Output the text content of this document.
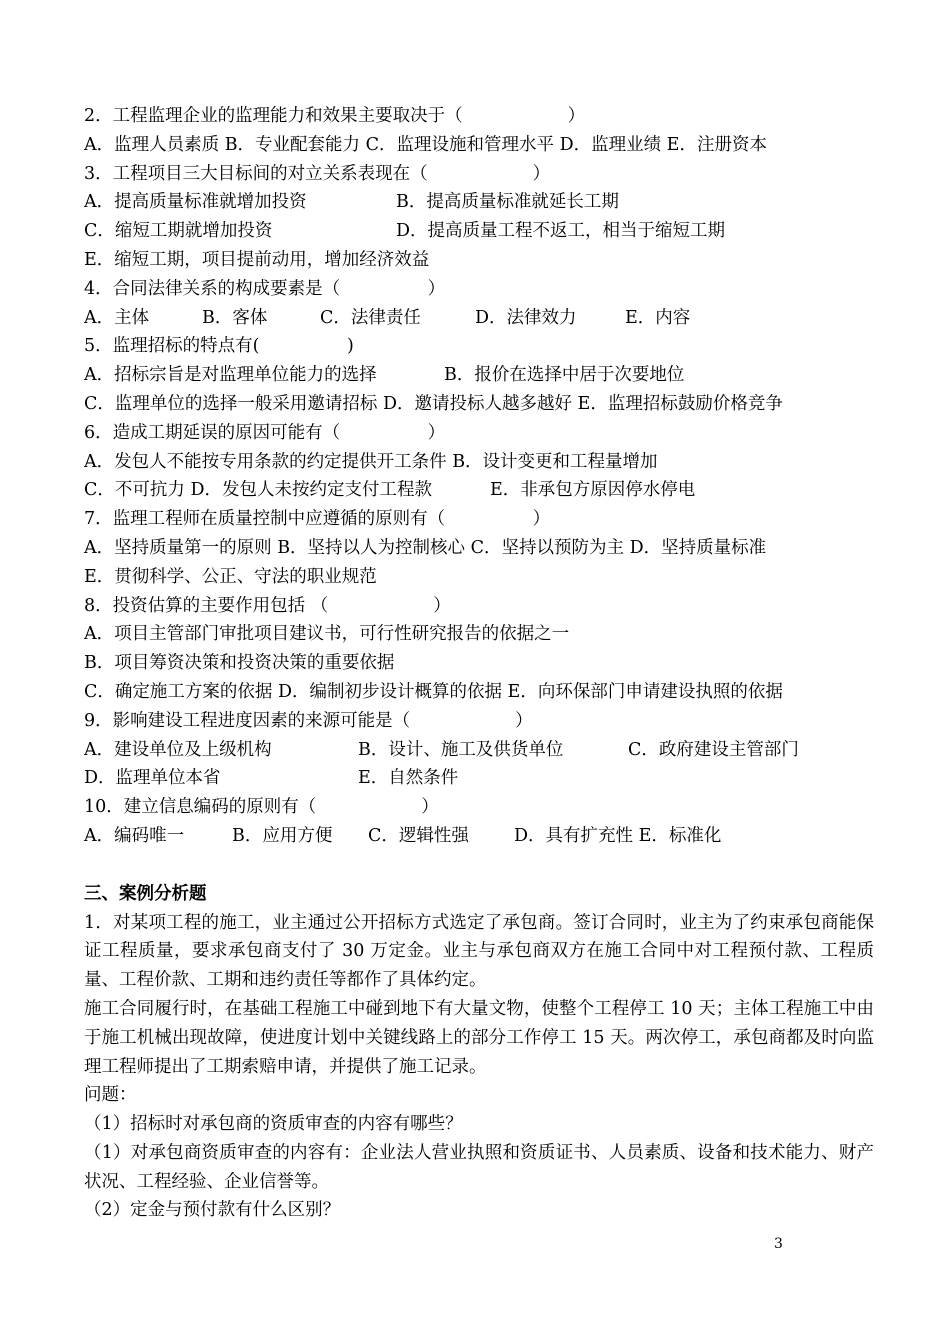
2．工程监理企业的监理能力和效果主要取决于（　　　　　　）
A．监理人员素质 B．专业配套能力 C．监理设施和管理水平 D．监理业绩 E．注册资本
3．工程项目三大目标间的对立关系表现在（　　　　　　）
A．提高质量标准就增加投资	B．提高质量标准就延长工期
C．缩短工期就增加投资	D．提高质量工程不返工，相当于缩短工期
E．缩短工期，项目提前动用，增加经济效益
4．合同法律关系的构成要素是（　　　　　）
A．主体	B．客体	C．法律责任	D．法律效力	E．内容
5．监理招标的特点有(　　　　　)
A．招标宗旨是对监理单位能力的选择	B．报价在选择中居于次要地位
C．监理单位的选择一般采用邀请招标 D．邀请投标人越多越好 E．监理招标鼓励价格竞争
6．造成工期延误的原因可能有（　　　　　）
A．发包人不能按专用条款的约定提供开工条件 B．设计变更和工程量增加
C．不可抗力 D．发包人未按约定支付工程款	E．非承包方原因停水停电
7．监理工程师在质量控制中应遵循的原则有（　　　　　）
A．坚持质量第一的原则 B．坚持以人为控制核心 C．坚持以预防为主 D．坚持质量标准
E．贯彻科学、公正、守法的职业规范
8．投资估算的主要作用包括 （　　　　　　）
A．项目主管部门审批项目建议书，可行性研究报告的依据之一
B．项目筹资决策和投资决策的重要依据
C．确定施工方案的依据 D．编制初步设计概算的依据 E．向环保部门申请建设执照的依据
9．影响建设工程进度因素的来源可能是（　　　　　　）
A．建设单位及上级机构	B．设计、施工及供货单位	C．政府建设主管部门
D．监理单位本省	E．自然条件
10．建立信息编码的原则有（　　　　　　）
A．编码唯一	B．应用方便 C．逻辑性强	D．具有扩充性 E．标准化
三、案例分析题
1．对某项工程的施工，业主通过公开招标方式选定了承包商。签订合同时，业主为了约束承包商能保证工程质量，要求承包商支付了 30 万定金。业主与承包商双方在施工合同中对工程预付款、工程质量、工程价款、工期和违约责任等都作了具体约定。
施工合同履行时，在基础工程施工中碰到地下有大量文物，使整个工程停工 10 天；主体工程施工中由于施工机械出现故障，使进度计划中关键线路上的部分工作停工 15 天。两次停工，承包商都及时向监理工程师提出了工期索赔申请，并提供了施工记录。
问题：
（1）招标时对承包商的资质审查的内容有哪些？
（1）对承包商资质审查的内容有：企业法人营业执照和资质证书、人员素质、设备和技术能力、财产状况、工程经验、企业信誉等。
（2）定金与预付款有什么区别？
3
